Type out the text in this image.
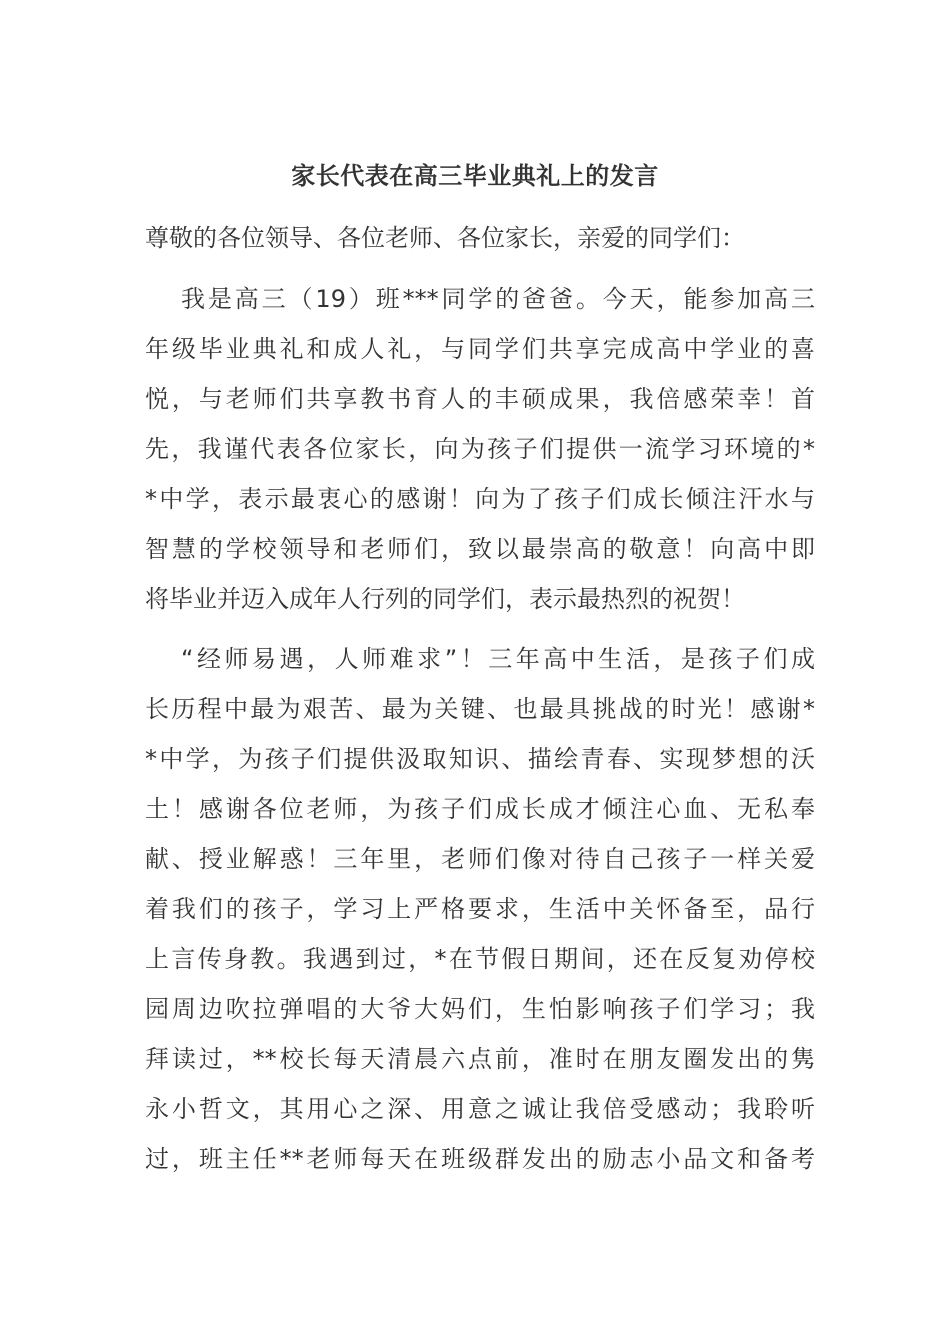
家长代表在高三毕业典礼上的发言
尊敬的各位领导、各位老师、各位家长，亲爱的同学们：
我是高三（19）班***同学的爸爸。今天，能参加高三
年级毕业典礼和成人礼，与同学们共享完成高中学业的喜
悦，与老师们共享教书育人的丰硕成果，我倍感荣幸！首
先，我谨代表各位家长，向为孩子们提供一流学习环境的*
*中学，表示最衷心的感谢！向为了孩子们成长倾注汗水与
智慧的学校领导和老师们，致以最崇高的敬意！向高中即
将毕业并迈入成年人行列的同学们，表示最热烈的祝贺！
“经师易遇，人师难求”！三年高中生活，是孩子们成
长历程中最为艰苦、最为关键、也最具挑战的时光！感谢*
*中学，为孩子们提供汲取知识、描绘青春、实现梦想的沃
土！感谢各位老师，为孩子们成长成才倾注心血、无私奉
献、授业解惑！三年里，老师们像对待自己孩子一样关爱
着我们的孩子，学习上严格要求，生活中关怀备至，品行
上言传身教。我遇到过，*在节假日期间，还在反复劝停校
园周边吹拉弹唱的大爷大妈们，生怕影响孩子们学习；我
拜读过，**校长每天清晨六点前，准时在朋友圈发出的隽
永小哲文，其用心之深、用意之诚让我倍受感动；我聆听
过，班主任**老师每天在班级群发出的励志小品文和备考
